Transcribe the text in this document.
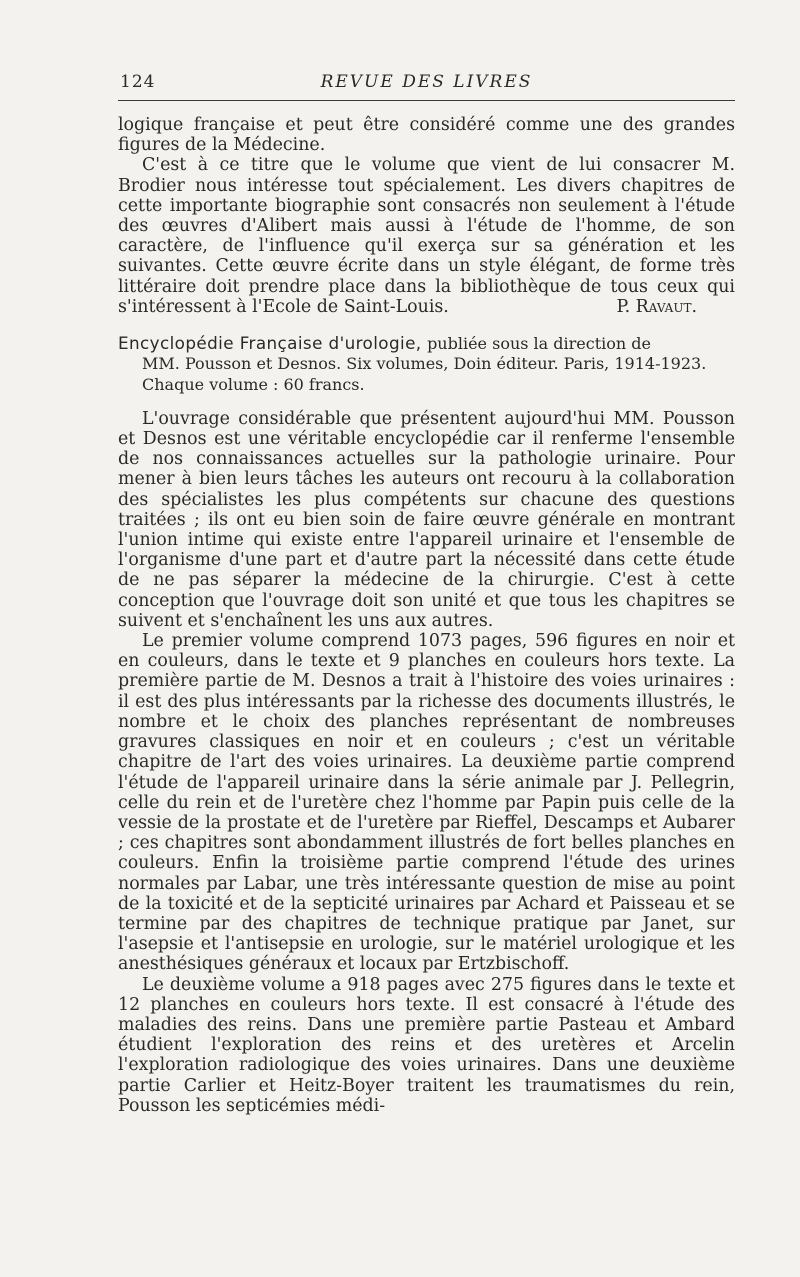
124	REVUE DES LIVRES

logique française et peut être considéré comme une des grandes figures de la Médecine.

C'est à ce titre que le volume que vient de lui consacrer M. Brodier nous intéresse tout spécialement. Les divers chapitres de cette importante biographie sont consacrés non seulement à l'étude des œuvres d'Alibert mais aussi à l'étude de l'homme, de son caractère, de l'influence qu'il exerça sur sa génération et les suivantes. Cette œuvre écrite dans un style élégant, de forme très littéraire doit prendre place dans la bibliothèque de tous ceux qui s'intéressent à l'Ecole de Saint-Louis.	P. Ravaut.

Encyclopédie Française d'urologie, publiée sous la direction de

MM. Pousson et Desnos. Six volumes, Doin éditeur. Paris, 1914-1923.

Chaque volume : 60 francs.

L'ouvrage considérable que présentent aujourd'hui MM. Pousson et Desnos est une véritable encyclopédie car il renferme l'ensemble de nos connaissances actuelles sur la pathologie urinaire. Pour mener à bien leurs tâches les auteurs ont recouru à la collaboration des spécialistes les plus compétents sur chacune des questions traitées ; ils ont eu bien soin de faire œuvre générale en montrant l'union intime qui existe entre l'appareil urinaire et l'ensemble de l'organisme d'une part et d'autre part la nécessité dans cette étude de ne pas séparer la médecine de la chirurgie. C'est à cette conception que l'ouvrage doit son unité et que tous les chapitres se suivent et s'enchaînent les uns aux autres.

Le premier volume comprend 1073 pages, 596 figures en noir et en couleurs, dans le texte et 9 planches en couleurs hors texte. La première partie de M. Desnos a trait à l'histoire des voies urinaires : il est des plus intéressants par la richesse des documents illustrés, le nombre et le choix des planches représentant de nombreuses gravures classiques en noir et en couleurs ; c'est un véritable chapitre de l'art des voies urinaires. La deuxième partie comprend l'étude de l'appareil urinaire dans la série animale par J. Pellegrin, celle du rein et de l'uretère chez l'homme par Papin puis celle de la vessie de la prostate et de l'uretère par Rieffel, Descamps et Aubarer ; ces chapitres sont abondamment illustrés de fort belles planches en couleurs. Enfin la troisième partie comprend l'étude des urines normales par Labar, une très intéressante question de mise au point de la toxicité et de la septicité urinaires par Achard et Paisseau et se termine par des chapitres de technique pratique par Janet, sur l'asepsie et l'antisepsie en urologie, sur le matériel urologique et les anesthésiques généraux et locaux par Ertzbischoff.

Le deuxième volume a 918 pages avec 275 figures dans le texte et 12 planches en couleurs hors texte. Il est consacré à l'étude des maladies des reins. Dans une première partie Pasteau et Ambard étudient l'exploration des reins et des uretères et Arcelin l'exploration radiologique des voies urinaires. Dans une deuxième partie Carlier et Heitz-Boyer traitent les traumatismes du rein, Pousson les septicémies médi-
